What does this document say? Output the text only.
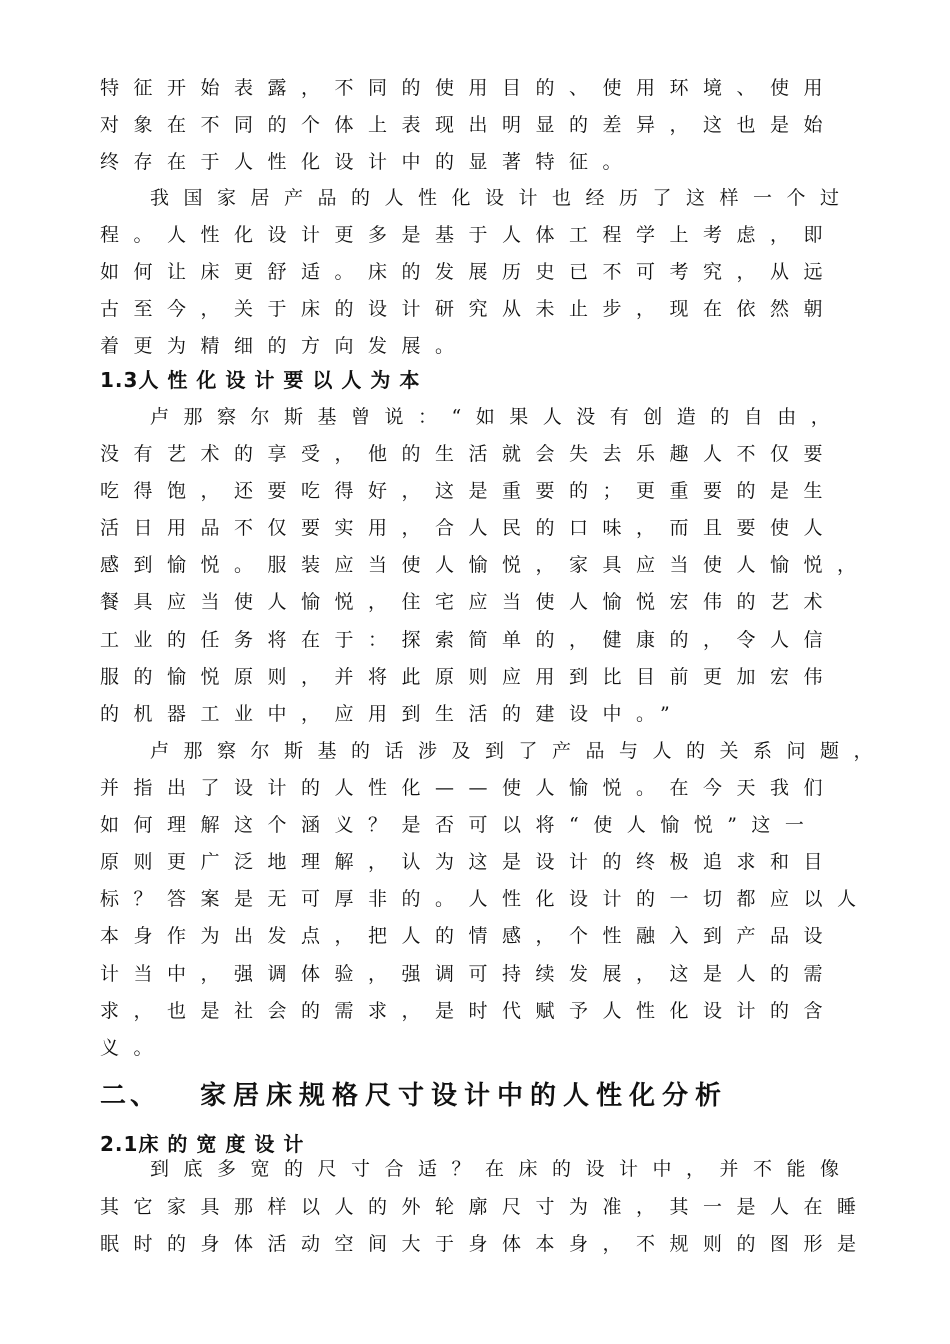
特征开始表露，不同的使用目的、使用环境、使用
对象在不同的个体上表现出明显的差异，这也是始
终存在于人性化设计中的显著特征。
我国家居产品的人性化设计也经历了这样一个过
程。人性化设计更多是基于人体工程学上考虑，即
如何让床更舒适。床的发展历史已不可考究，从远
古至今，关于床的设计研究从未止步，现在依然朝
着更为精细的方向发展。
1.3人性化设计要以人为本
卢那察尔斯基曾说：“如果人没有创造的自由，
没有艺术的享受，他的生活就会失去乐趣人不仅要
吃得饱，还要吃得好，这是重要的；更重要的是生
活日用品不仅要实用，合人民的口味，而且要使人
感到愉悦。服装应当使人愉悦，家具应当使人愉悦，
餐具应当使人愉悦，住宅应当使人愉悦宏伟的艺术
工业的任务将在于：探索简单的，健康的，令人信
服的愉悦原则，并将此原则应用到比目前更加宏伟
的机器工业中，应用到生活的建设中。”
卢那察尔斯基的话涉及到了产品与人的关系问题，
并指出了设计的人性化——使人愉悦。在今天我们
如何理解这个涵义？是否可以将“使人愉悦”这一
原则更广泛地理解，认为这是设计的终极追求和目
标？答案是无可厚非的。人性化设计的一切都应以人
本身作为出发点，把人的情感，个性融入到产品设
计当中，强调体验，强调可持续发展，这是人的需
求，也是社会的需求，是时代赋予人性化设计的含
义。
二、 家居床规格尺寸设计中的人性化分析
2.1床的宽度设计
到底多宽的尺寸合适？在床的设计中，并不能像
其它家具那样以人的外轮廓尺寸为准，其一是人在睡
眠时的身体活动空间大于身体本身，不规则的图形是
